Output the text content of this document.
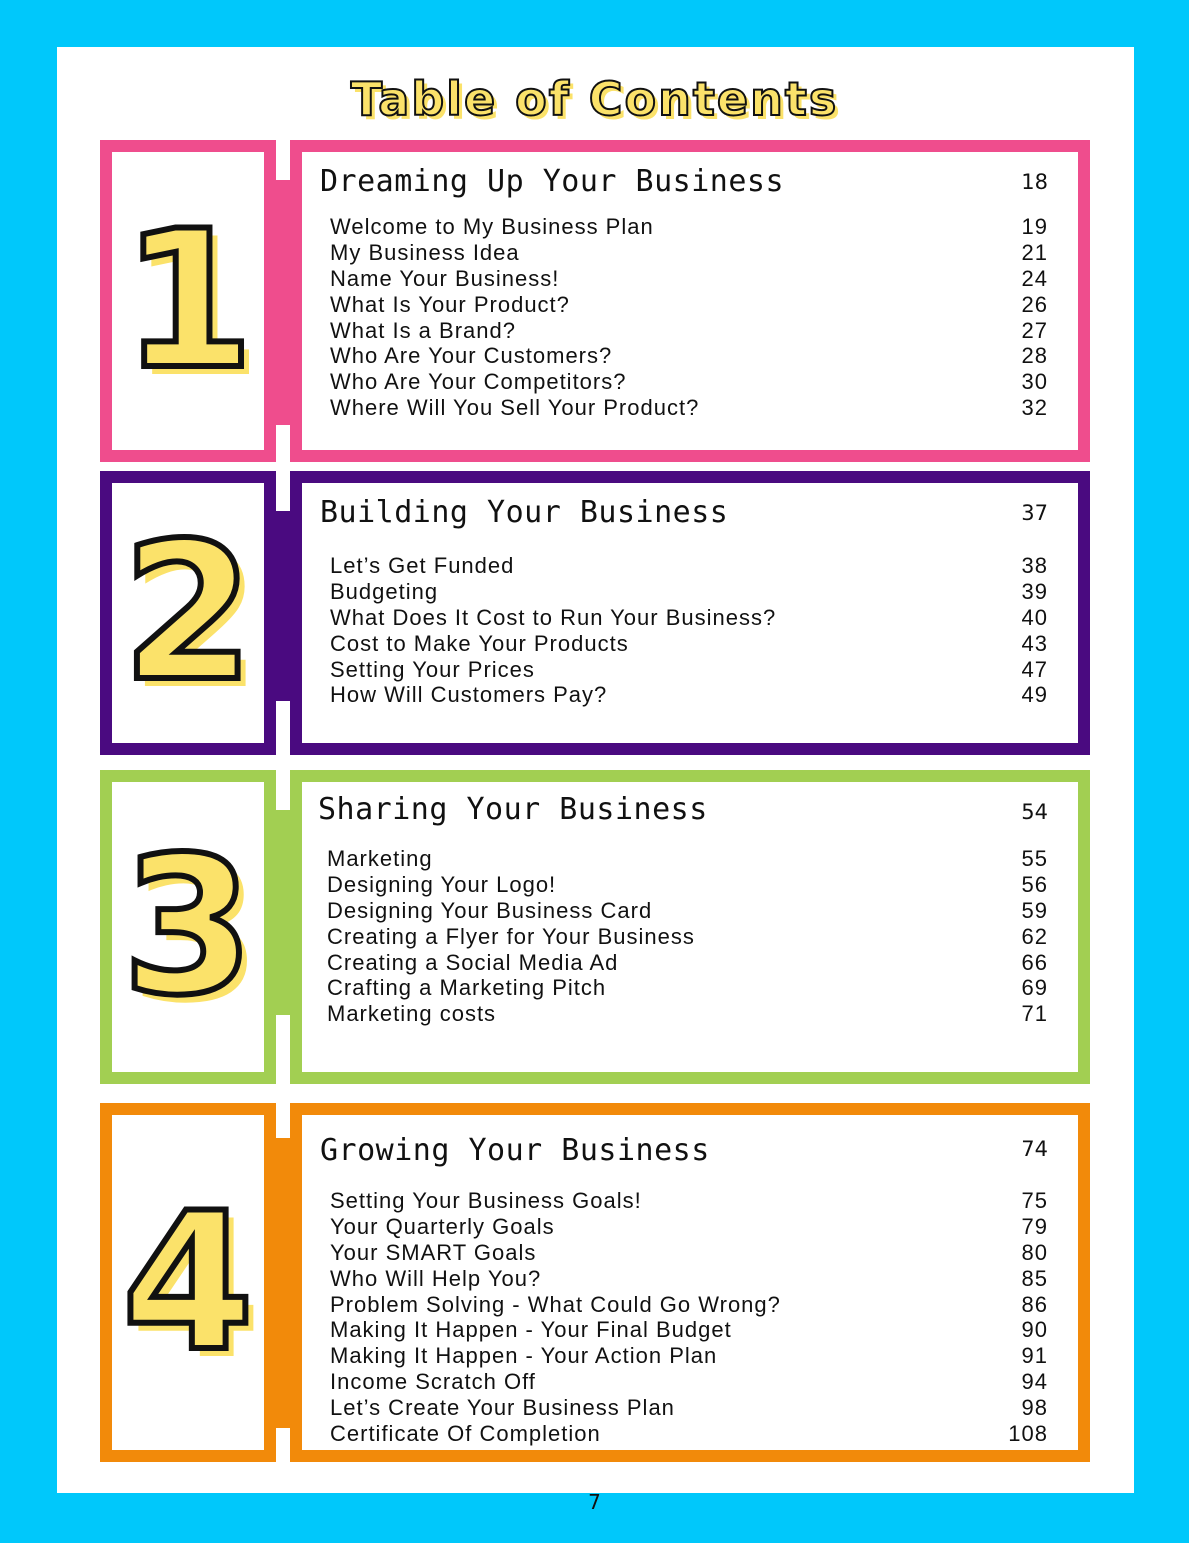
Table of Contents
1
Dreaming Up Your Business	18
Welcome to My Business Plan	19
My Business Idea	21
Name Your Business!	24
What Is Your Product?	26
What Is a Brand?	27
Who Are Your Customers?	28
Who Are Your Competitors?	30
Where Will You Sell Your Product?	32
2 Building Your Business	37
Let’s Get Funded	38
Budgeting	39
What Does It Cost to Run Your Business?	40
Cost to Make Your Products	43
Setting Your Prices	47
How Will Customers Pay?	49
3
Sharing Your Business	54
Marketing	55
Designing Your Logo!	56
Designing Your Business Card	59
Creating a Flyer for Your Business	62
Creating a Social Media Ad	66
Crafting a Marketing Pitch	69
Marketing costs	71
4
Growing Your Business	74
Setting Your Business Goals!	75
Your Quarterly Goals	79
Your SMART Goals	80
Who Will Help You?	85
Problem Solving - What Could Go Wrong?	86
Making It Happen - Your Final Budget	90
Making It Happen - Your Action Plan	91
Income Scratch Off	94
Let’s Create Your Business Plan	98
Certificate Of Completion	108
7
